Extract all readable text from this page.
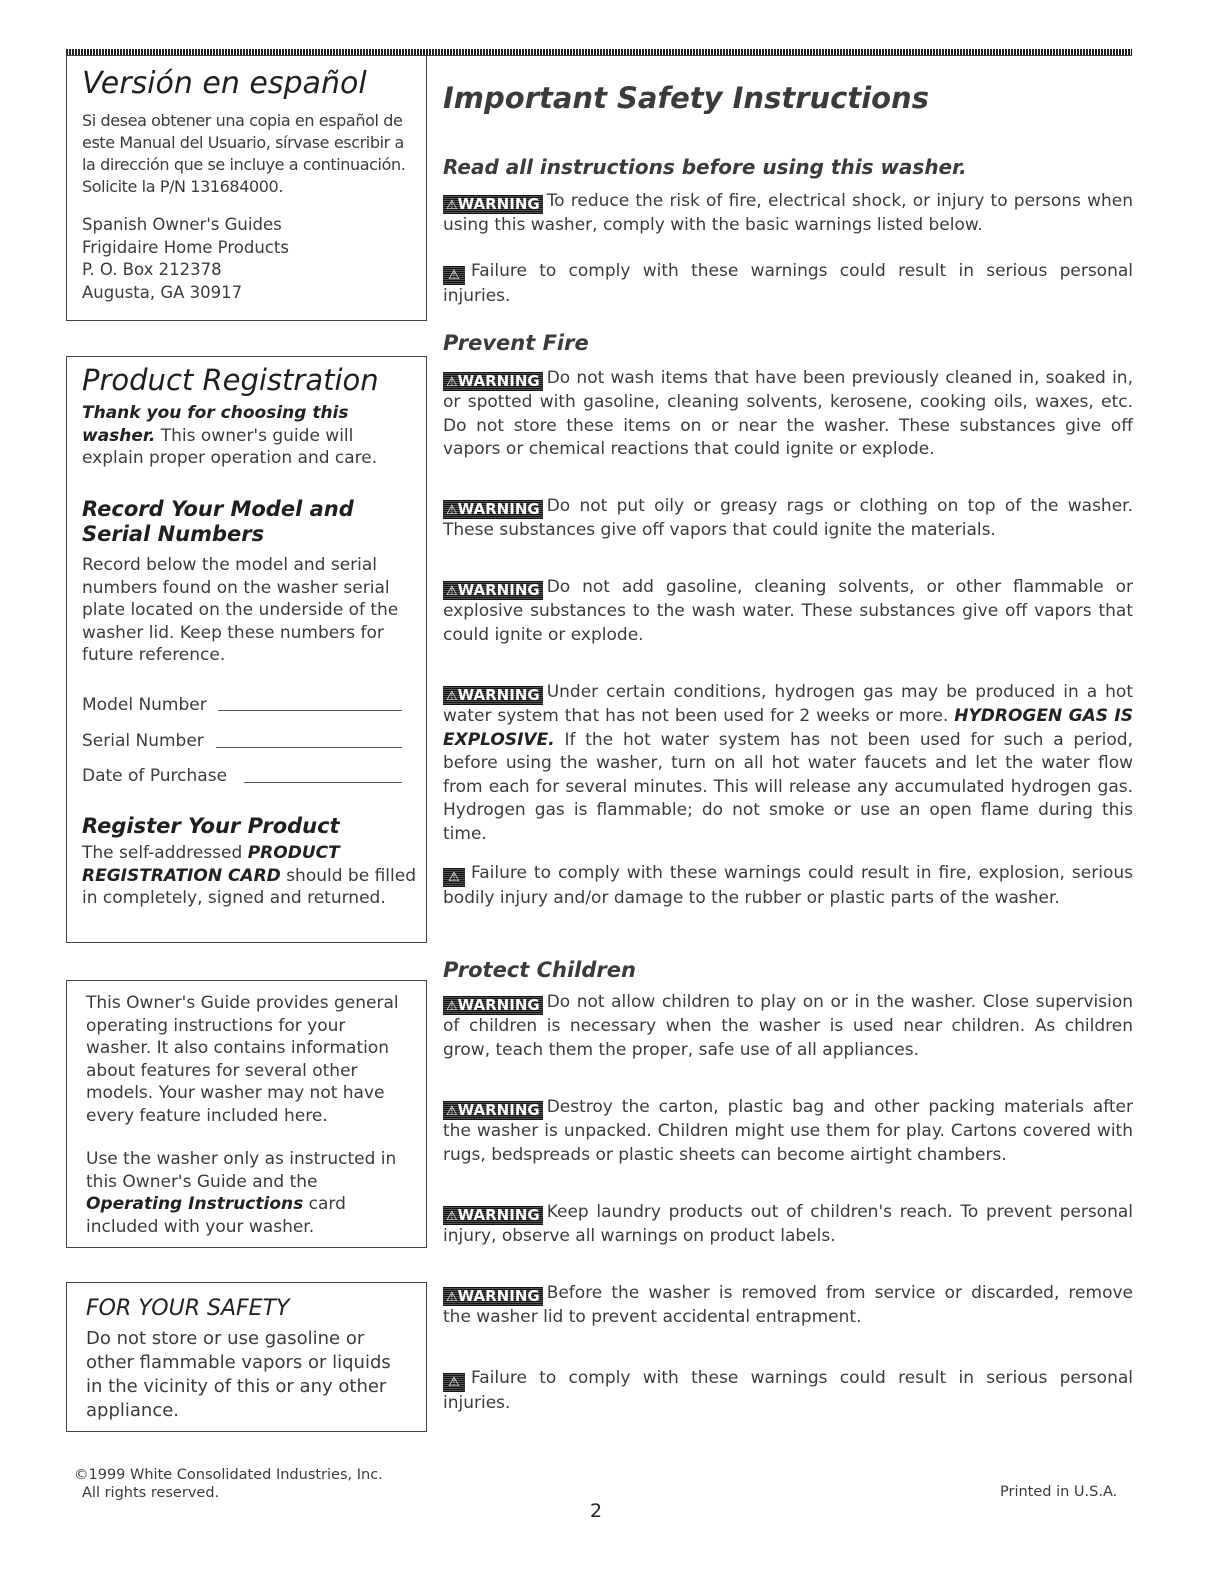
Versión en español
Si desea obtener una copia en español de este Manual del Usuario, sírvase escribir a la dirección que se incluye a continuación. Solicite la P/N 131684000.
Spanish Owner's Guides
Frigidaire Home Products
P. O. Box 212378
Augusta, GA 30917
Product Registration
Thank you for choosing this washer. This owner's guide will explain proper operation and care.
Record Your Model and Serial Numbers
Record below the model and serial numbers found on the washer serial plate located on the underside of the washer lid. Keep these numbers for future reference.
Model Number
Serial Number
Date of Purchase
Register Your Product
The self-addressed PRODUCT REGISTRATION CARD should be filled in completely, signed and returned.
This Owner's Guide provides general operating instructions for your washer. It also contains information about features for several other models. Your washer may not have every feature included here.
Use the washer only as instructed in this Owner's Guide and the Operating Instructions card included with your washer.
FOR YOUR SAFETY
Do not store or use gasoline or other flammable vapors or liquids in the vicinity of this or any other appliance.
©1999 White Consolidated Industries, Inc.
All rights reserved.
2
Printed in U.S.A.
Important Safety Instructions
Read all instructions before using this washer.
⚠WARNING To reduce the risk of fire, electrical shock, or injury to persons when using this washer, comply with the basic warnings listed below.
⚠ Failure to comply with these warnings could result in serious personal injuries.
Prevent Fire
⚠WARNING Do not wash items that have been previously cleaned in, soaked in, or spotted with gasoline, cleaning solvents, kerosene, cooking oils, waxes, etc. Do not store these items on or near the washer. These substances give off vapors or chemical reactions that could ignite or explode.
⚠WARNING Do not put oily or greasy rags or clothing on top of the washer. These substances give off vapors that could ignite the materials.
⚠WARNING Do not add gasoline, cleaning solvents, or other flammable or explosive substances to the wash water. These substances give off vapors that could ignite or explode.
⚠WARNING Under certain conditions, hydrogen gas may be produced in a hot water system that has not been used for 2 weeks or more. HYDROGEN GAS IS EXPLOSIVE. If the hot water system has not been used for such a period, before using the washer, turn on all hot water faucets and let the water flow from each for several minutes. This will release any accumulated hydrogen gas. Hydrogen gas is flammable; do not smoke or use an open flame during this time.
⚠ Failure to comply with these warnings could result in fire, explosion, serious bodily injury and/or damage to the rubber or plastic parts of the washer.
Protect Children
⚠WARNING Do not allow children to play on or in the washer. Close supervision of children is necessary when the washer is used near children. As children grow, teach them the proper, safe use of all appliances.
⚠WARNING Destroy the carton, plastic bag and other packing materials after the washer is unpacked. Children might use them for play. Cartons covered with rugs, bedspreads or plastic sheets can become airtight chambers.
⚠WARNING Keep laundry products out of children's reach. To prevent personal injury, observe all warnings on product labels.
⚠WARNING Before the washer is removed from service or discarded, remove the washer lid to prevent accidental entrapment.
⚠ Failure to comply with these warnings could result in serious personal injuries.
